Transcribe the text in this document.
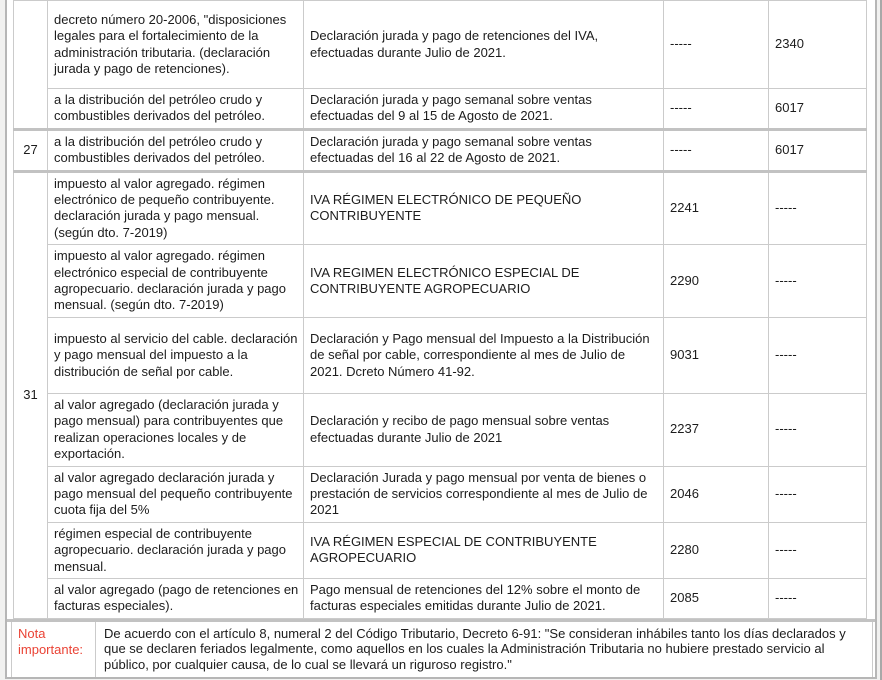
	decreto número 20-2006, "disposiciones legales para el fortalecimiento de la administración tributaria. (declaración jurada y pago de retenciones).	Declaración jurada y pago de retenciones del IVA, efectuadas durante Julio de 2021.	-----	2340
	a la distribución del petróleo crudo y combustibles derivados del petróleo.	Declaración jurada y pago semanal sobre ventas efectuadas del 9 al 15 de Agosto de 2021.	-----	6017
27	a la distribución del petróleo crudo y combustibles derivados del petróleo.	Declaración jurada y pago semanal sobre ventas efectuadas del 16 al 22 de Agosto de 2021.	-----	6017
31	impuesto al valor agregado. régimen electrónico de pequeño contribuyente. declaración jurada y pago mensual. (según dto. 7-2019)	IVA RÉGIMEN ELECTRÓNICO DE PEQUEÑO CONTRIBUYENTE	2241	-----
	impuesto al valor agregado. régimen electrónico especial de contribuyente agropecuario. declaración jurada y pago mensual. (según dto. 7-2019)	IVA REGIMEN ELECTRÓNICO ESPECIAL DE CONTRIBUYENTE AGROPECUARIO	2290	-----
	impuesto al servicio del cable. declaración y pago mensual del impuesto a la distribución de señal por cable.	Declaración y Pago mensual del Impuesto a la Distribución de señal por cable, correspondiente al mes de Julio de 2021. Dcreto Número 41-92.	9031	-----
	al valor agregado (declaración jurada y pago mensual) para contribuyentes que realizan operaciones locales y de exportación.	Declaración y recibo de pago mensual sobre ventas efectuadas durante Julio de 2021	2237	-----
	al valor agregado declaración jurada y pago mensual del pequeño contribuyente cuota fija del 5%	Declaración Jurada y pago mensual por venta de bienes o prestación de servicios correspondiente al mes de Julio de 2021	2046	-----
	régimen especial de contribuyente agropecuario. declaración jurada y pago mensual.	IVA RÉGIMEN ESPECIAL DE CONTRIBUYENTE AGROPECUARIO	2280	-----
	al valor agregado (pago de retenciones en facturas especiales).	Pago mensual de retenciones del 12% sobre el monto de facturas especiales emitidas durante Julio de 2021.	2085	-----
Nota importante:
De acuerdo con el artículo 8, numeral 2 del Código Tributario, Decreto 6-91: "Se consideran inhábiles tanto los días declarados y que se declaren feriados legalmente, como aquellos en los cuales la Administración Tributaria no hubiere prestado servicio al público, por cualquier causa, de lo cual se llevará un riguroso registro."
